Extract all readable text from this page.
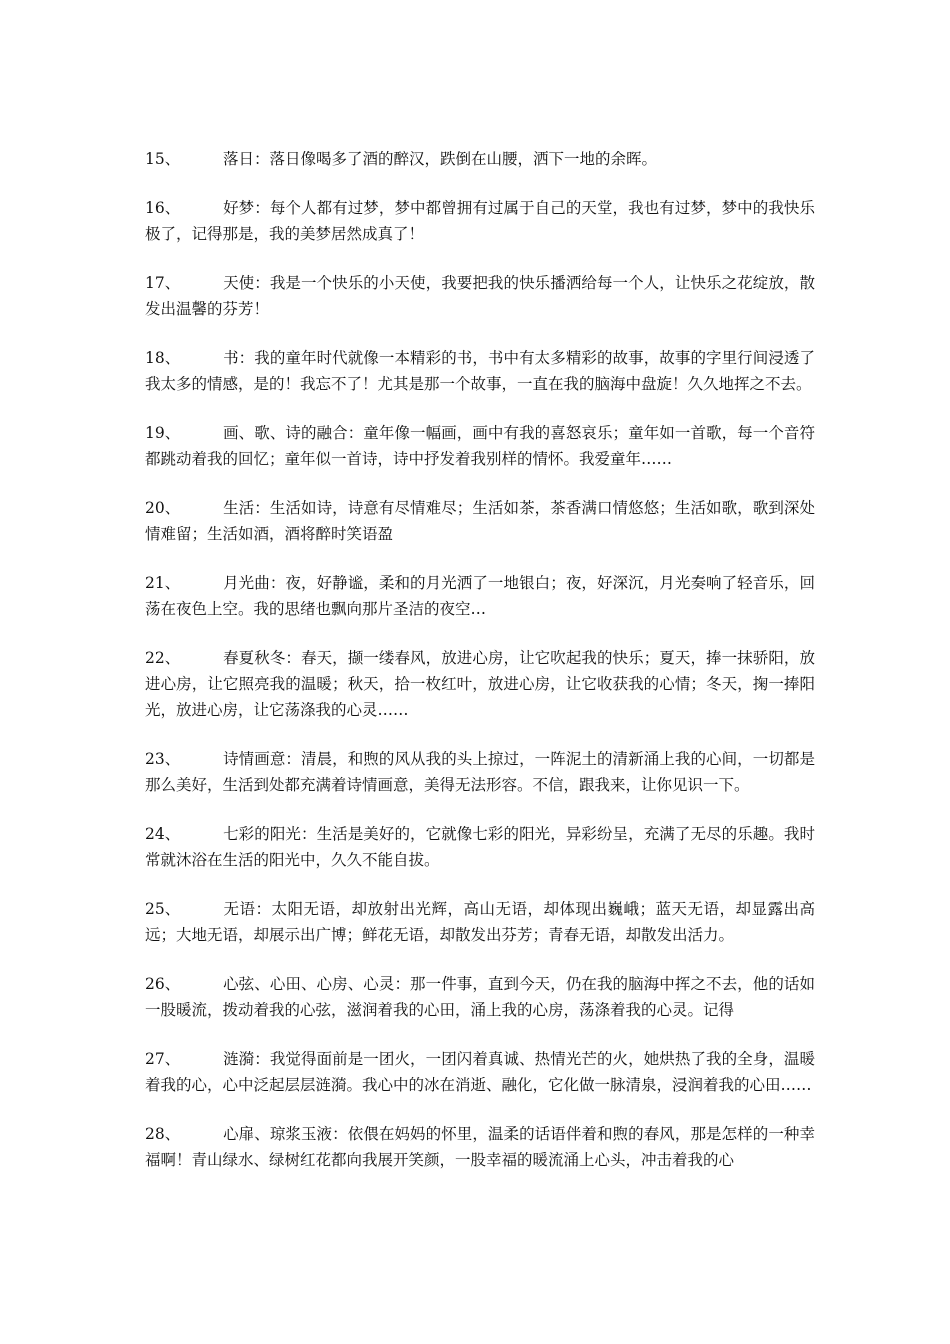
15、	落日：落日像喝多了酒的醉汉，跌倒在山腰，洒下一地的余晖。

16、	好梦：每个人都有过梦，梦中都曾拥有过属于自己的天堂，我也有过梦，梦中的我快乐极了，记得那是，我的美梦居然成真了！

17、	天使：我是一个快乐的小天使，我要把我的快乐播洒给每一个人，让快乐之花绽放，散发出温馨的芬芳！

18、	书：我的童年时代就像一本精彩的书，书中有太多精彩的故事，故事的字里行间浸透了我太多的情感，是的！我忘不了！尤其是那一个故事，一直在我的脑海中盘旋！久久地挥之不去。

19、	画、歌、诗的融合：童年像一幅画，画中有我的喜怒哀乐；童年如一首歌，每一个音符都跳动着我的回忆；童年似一首诗，诗中抒发着我别样的情怀。我爱童年……

20、	生活：生活如诗，诗意有尽情难尽；生活如茶，茶香满口情悠悠；生活如歌，歌到深处情难留；生活如酒，酒将醉时笑语盈

21、	月光曲：夜，好静谧，柔和的月光洒了一地银白；夜，好深沉，月光奏响了轻音乐，回荡在夜色上空。我的思绪也飘向那片圣洁的夜空…

22、	春夏秋冬：春天，撷一缕春风，放进心房，让它吹起我的快乐；夏天，捧一抹骄阳，放进心房，让它照亮我的温暖；秋天，拾一枚红叶，放进心房，让它收获我的心情；冬天，掬一捧阳光，放进心房，让它荡涤我的心灵……

23、	诗情画意：清晨，和煦的风从我的头上掠过，一阵泥土的清新涌上我的心间，一切都是那么美好，生活到处都充满着诗情画意，美得无法形容。不信，跟我来，让你见识一下。

24、	七彩的阳光：生活是美好的，它就像七彩的阳光，异彩纷呈，充满了无尽的乐趣。我时常就沐浴在生活的阳光中，久久不能自拔。

25、	无语：太阳无语，却放射出光辉，高山无语，却体现出巍峨；蓝天无语，却显露出高远；大地无语，却展示出广博；鲜花无语，却散发出芬芳；青春无语，却散发出活力。

26、	心弦、心田、心房、心灵：那一件事，直到今天，仍在我的脑海中挥之不去，他的话如一股暖流，拨动着我的心弦，滋润着我的心田，涌上我的心房，荡涤着我的心灵。记得

27、	涟漪：我觉得面前是一团火，一团闪着真诚、热情光芒的火，她烘热了我的全身，温暖着我的心，心中泛起层层涟漪。我心中的冰在消逝、融化，它化做一脉清泉，浸润着我的心田……

28、	心扉、琼浆玉液：依偎在妈妈的怀里，温柔的话语伴着和煦的春风，那是怎样的一种幸福啊！青山绿水、绿树红花都向我展开笑颜，一股幸福的暖流涌上心头，冲击着我的心
